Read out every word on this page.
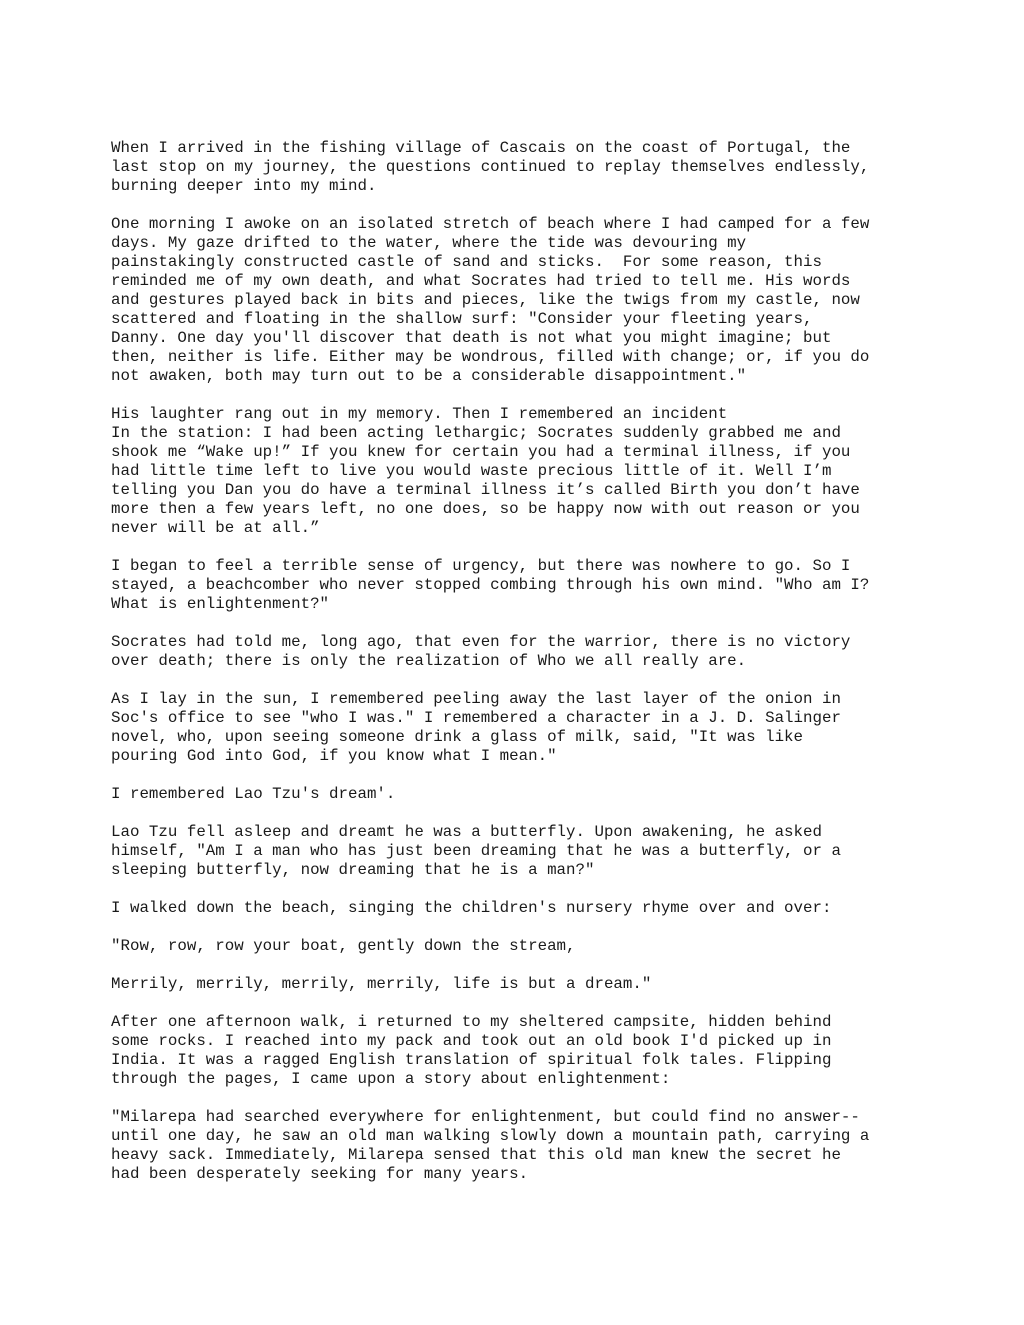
When I arrived in the fishing village of Cascais on the coast of Portugal, the
last stop on my journey, the questions continued to replay themselves endlessly,
burning deeper into my mind.

One morning I awoke on an isolated stretch of beach where I had camped for a few
days. My gaze drifted to the water, where the tide was devouring my
painstakingly constructed castle of sand and sticks.  For some reason, this
reminded me of my own death, and what Socrates had tried to tell me. His words
and gestures played back in bits and pieces, like the twigs from my castle, now
scattered and floating in the shallow surf: "Consider your fleeting years,
Danny. One day you'll discover that death is not what you might imagine; but
then, neither is life. Either may be wondrous, filled with change; or, if you do
not awaken, both may turn out to be a considerable disappointment."

His laughter rang out in my memory. Then I remembered an incident
In the station: I had been acting lethargic; Socrates suddenly grabbed me and
shook me “Wake up!” If you knew for certain you had a terminal illness, if you
had little time left to live you would waste precious little of it. Well I’m
telling you Dan you do have a terminal illness it’s called Birth you don’t have
more then a few years left, no one does, so be happy now with out reason or you
never will be at all.”

I began to feel a terrible sense of urgency, but there was nowhere to go. So I
stayed, a beachcomber who never stopped combing through his own mind. "Who am I?
What is enlightenment?"

Socrates had told me, long ago, that even for the warrior, there is no victory
over death; there is only the realization of Who we all really are.

As I lay in the sun, I remembered peeling away the last layer of the onion in
Soc's office to see "who I was." I remembered a character in a J. D. Salinger
novel, who, upon seeing someone drink a glass of milk, said, "It was like
pouring God into God, if you know what I mean."

I remembered Lao Tzu's dream'.

Lao Tzu fell asleep and dreamt he was a butterfly. Upon awakening, he asked
himself, "Am I a man who has just been dreaming that he was a butterfly, or a
sleeping butterfly, now dreaming that he is a man?"

I walked down the beach, singing the children's nursery rhyme over and over:

"Row, row, row your boat, gently down the stream,

Merrily, merrily, merrily, merrily, life is but a dream."

After one afternoon walk, i returned to my sheltered campsite, hidden behind
some rocks. I reached into my pack and took out an old book I'd picked up in
India. It was a ragged English translation of spiritual folk tales. Flipping
through the pages, I came upon a story about enlightenment:

"Milarepa had searched everywhere for enlightenment, but could find no answer--
until one day, he saw an old man walking slowly down a mountain path, carrying a
heavy sack. Immediately, Milarepa sensed that this old man knew the secret he
had been desperately seeking for many years.
